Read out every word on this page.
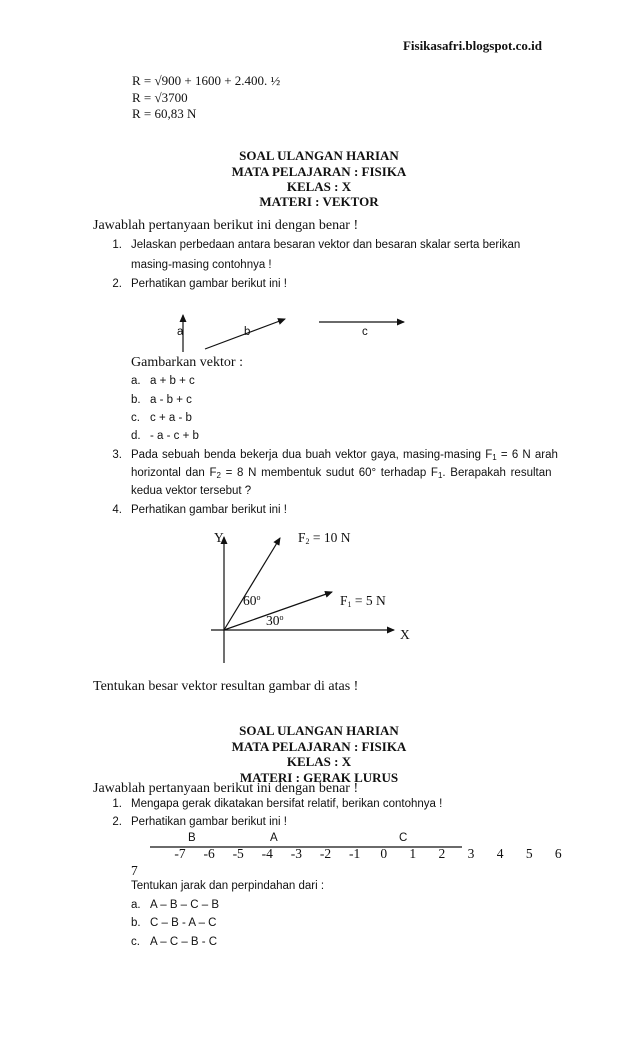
Fisikasafri.blogspot.co.id
R = √900 + 1600 + 2.400. ½
R = √3700
R = 60,83 N
SOAL ULANGAN HARIAN
MATA PELAJARAN : FISIKA
KELAS : X
MATERI : VEKTOR
Jawablah pertanyaan berikut ini dengan benar !
1. Jelaskan perbedaan antara besaran vektor dan besaran skalar serta berikan
masing-masing contohnya !
2. Perhatikan gambar berikut ini !
a	b	c
Gambarkan vektor :
a. a + b + c
b. a - b + c
c. c + a - b
d. - a - c + b
3. Pada sebuah benda bekerja dua buah vektor gaya, masing-masing $F_1 = 6$ N arah
horizontal dan $F_2 = 8$ N membentuk sudut 60° terhadap $F_1$. Berapakah resultan
kedua vektor tersebut ?
4. Perhatikan gambar berikut ini !
Y	$F_2 = 10$ N
60$^o$	$F_1 = 5$ N
30$^o$
X
Tentukan besar vektor resultan gambar di atas !
SOAL ULANGAN HARIAN
MATA PELAJARAN : FISIKA
KELAS : X
MATERI : GERAK LURUS
Jawablah pertanyaan berikut ini dengan benar !
1. Mengapa gerak dikatakan bersifat relatif, berikan contohnya !
2. Perhatikan gambar berikut ini !
B	A	C
-7 -6 -5 -4 -3 -2 -1 0 1 2 3 4 5 6
7
Tentukan jarak dan perpindahan dari :
a. A – B – C – B
b. C – B - A – C
c. A – C – B - C
